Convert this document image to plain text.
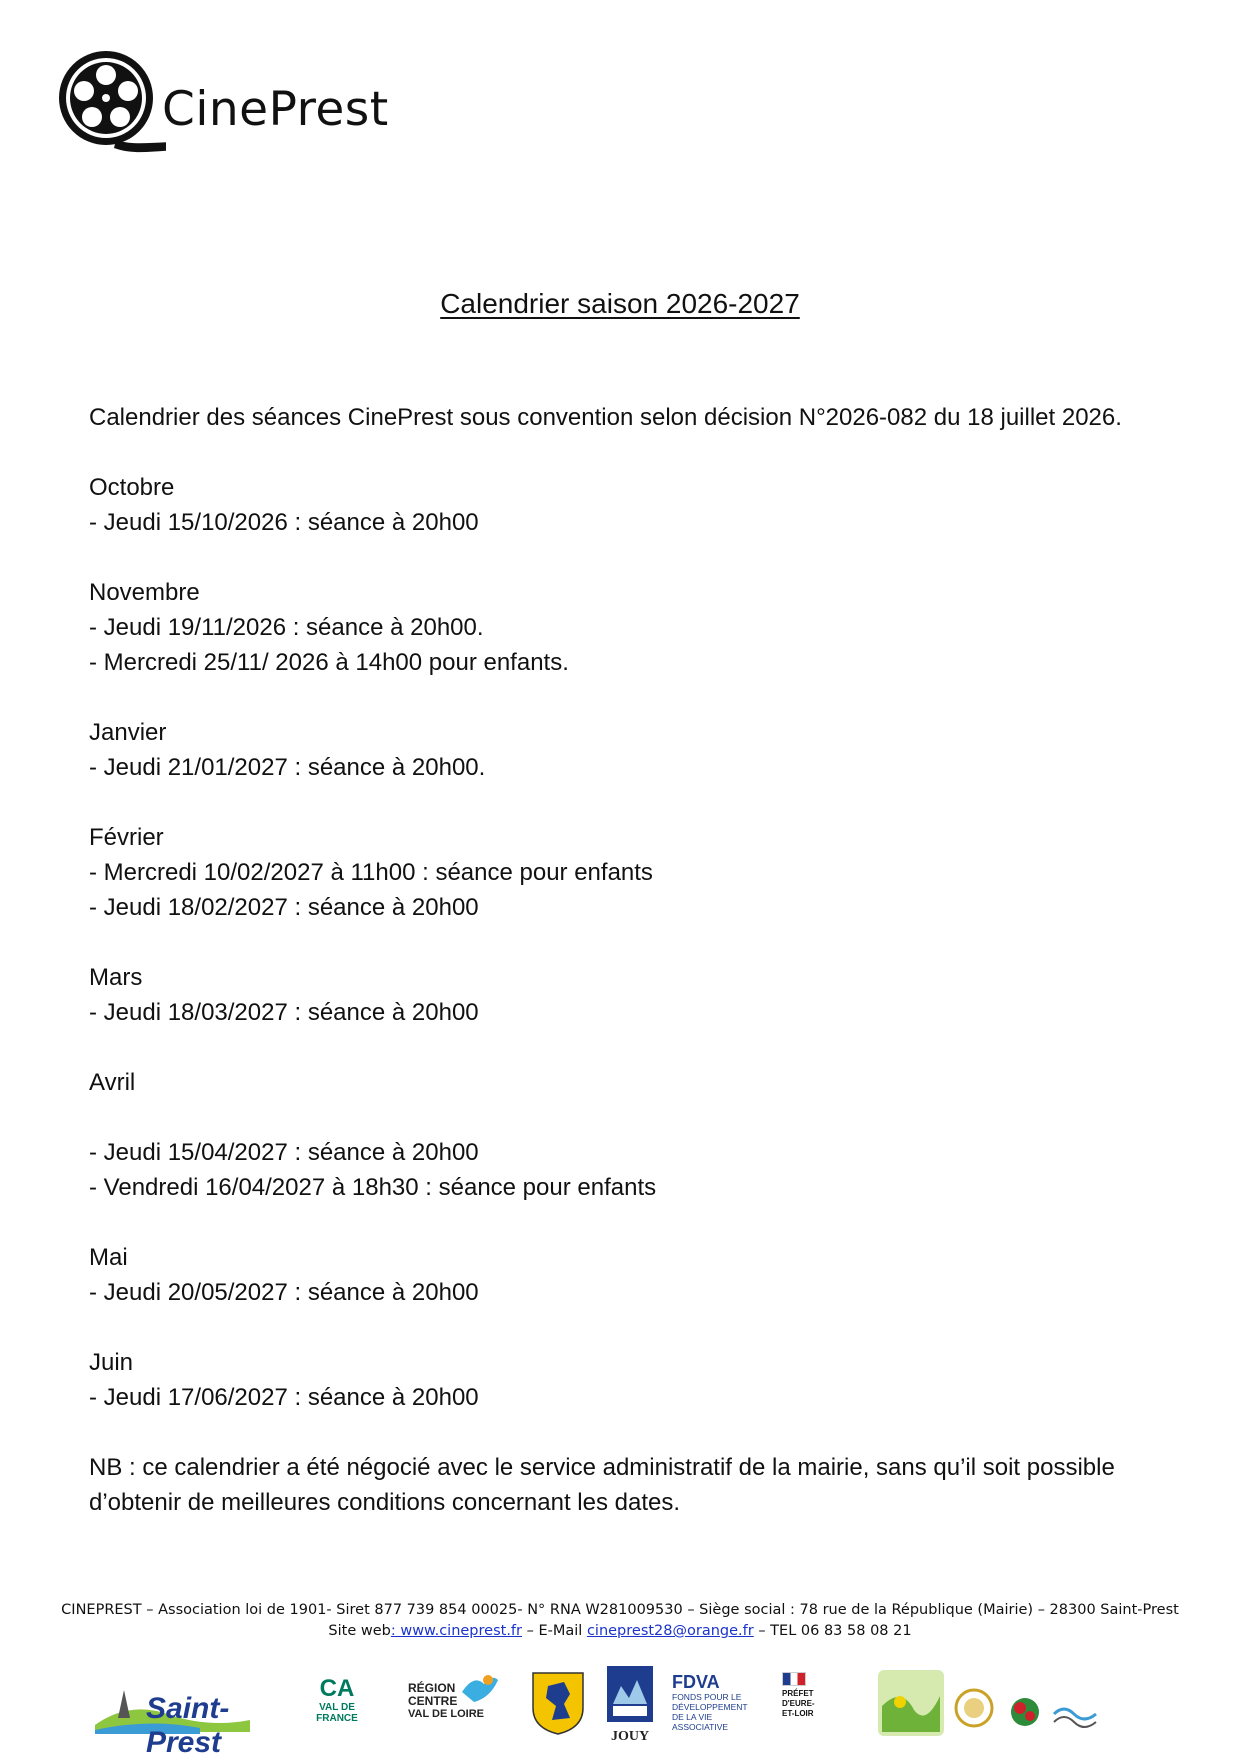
CinePrest
Calendrier saison 2026-2027

Calendrier des séances CinePrest sous convention selon décision N°2026-082 du 18 juillet 2026.

Octobre

- Jeudi 15/10/2026 : séance à 20h00

Novembre

- Jeudi 19/11/2026 : séance à 20h00.

- Mercredi 25/11/ 2026 à 14h00 pour enfants.

Janvier

- Jeudi 21/01/2027 : séance à 20h00.

Février

- Mercredi 10/02/2027 à 11h00 : séance pour enfants

- Jeudi 18/02/2027 : séance à 20h00

Mars

- Jeudi 18/03/2027 : séance à 20h00

Avril

- Jeudi 15/04/2027 : séance à 20h00

- Vendredi 16/04/2027 à 18h30 : séance pour enfants

Mai

- Jeudi 20/05/2027 : séance à 20h00

Juin

- Jeudi 17/06/2027 : séance à 20h00

NB : ce calendrier a été négocié avec le service administratif de la mairie, sans qu’il soit possible d’obtenir de meilleures conditions concernant les dates.

CINEPREST – Association loi de 1901- Siret 877 739 854 00025- N° RNA W281009530 – Siège social : 78 rue de la République (Mairie) – 28300 Saint-Prest
Site web: www.cineprest.fr – E-Mail cineprest28@orange.fr – TEL 06 83 58 08 21
Saint-Prest
CA
VAL DE FRANCE
RÉGION
CENTRE
VAL DE LOIRE
JOUY
FDVA
FONDS POUR LE DÉVELOPPEMENT DE LA VIE ASSOCIATIVE
PRÉFET D'EURE-ET-LOIR
